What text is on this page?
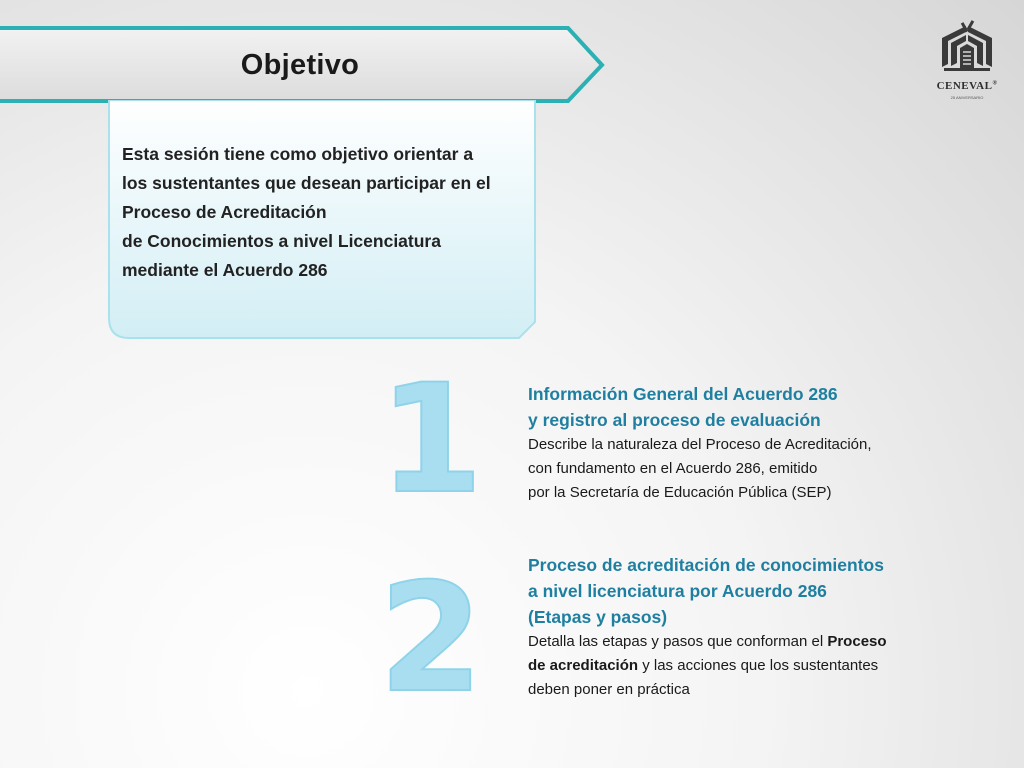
Objetivo
Esta sesión tiene como objetivo orientar a
los sustentantes que desean participar en el
Proceso de Acreditación
de Conocimientos a nivel Licenciatura
mediante el Acuerdo 286
1
2
Información General del Acuerdo 286
y registro al proceso de evaluación
Describe la naturaleza del Proceso de Acreditación,
con fundamento en el Acuerdo 286, emitido
por la Secretaría de Educación Pública (SEP)
Proceso de acreditación de conocimientos
a nivel licenciatura por Acuerdo 286
(Etapas y pasos)
Detalla las etapas y pasos que conforman el Proceso
de acreditación y las acciones que los sustentantes
deben poner en práctica
CENEVAL®
25 ANIVERSARIO
